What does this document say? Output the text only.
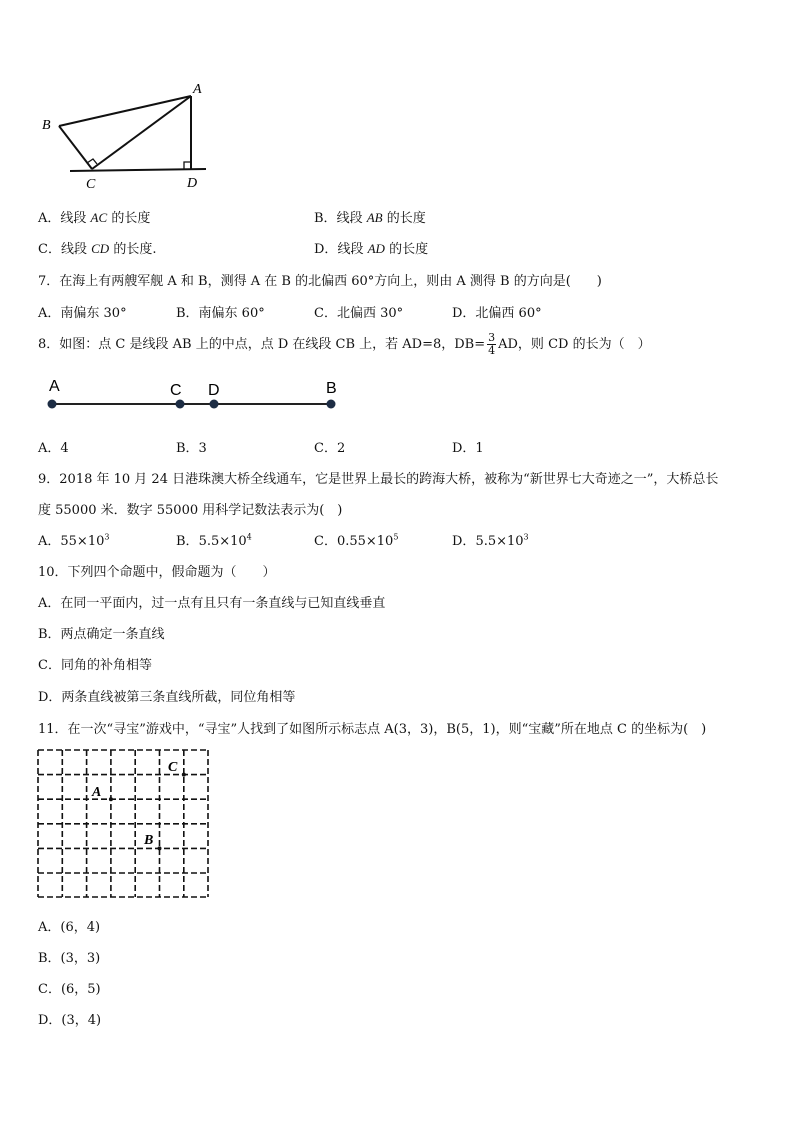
A
B
C	D
A．线段 AC 的长度	B．线段 AB 的长度
C．线段 CD 的长度.	D．线段 AD 的长度
7．在海上有两艘军舰 A 和 B，测得 A 在 B 的北偏西 60°方向上，则由 A 测得 B 的方向是(　　)
A．南偏东 30°	B．南偏东 60°	C．北偏西 30°	D．北偏西 60°
8．如图：点 C 是线段 AB 上的中点，点 D 在线段 CB 上，若 AD=8，$DB= \frac{3}{4}$ AD，则 CD 的长为（　）
A	C D	B
A．4	B．3	C．2	D．1
9．2018 年 10 月 24 日港珠澳大桥全线通车，它是世界上最长的跨海大桥，被称为“新世界七大奇迹之一”，大桥总长
度 55000 米．数字 55000 用科学记数法表示为(　)
A．$55\times 10^3$	B．$5.5\times 10^4$	C．$0.55\times 10^5$	D．$5.5\times 10^3$
10．下列四个命题中，假命题为（　　）
A．在同一平面内，过一点有且只有一条直线与已知直线垂直
B．两点确定一条直线
C．同角的补角相等
D．两条直线被第三条直线所截，同位角相等
11．在一次“寻宝”游戏中，“寻宝”人找到了如图所示标志点 A(3，3)，B(5，1)，则“宝藏”所在地点 C 的坐标为(　)
A
B
C
A．(6，4)
B．(3，3)
C．(6，5)
D．(3，4)
